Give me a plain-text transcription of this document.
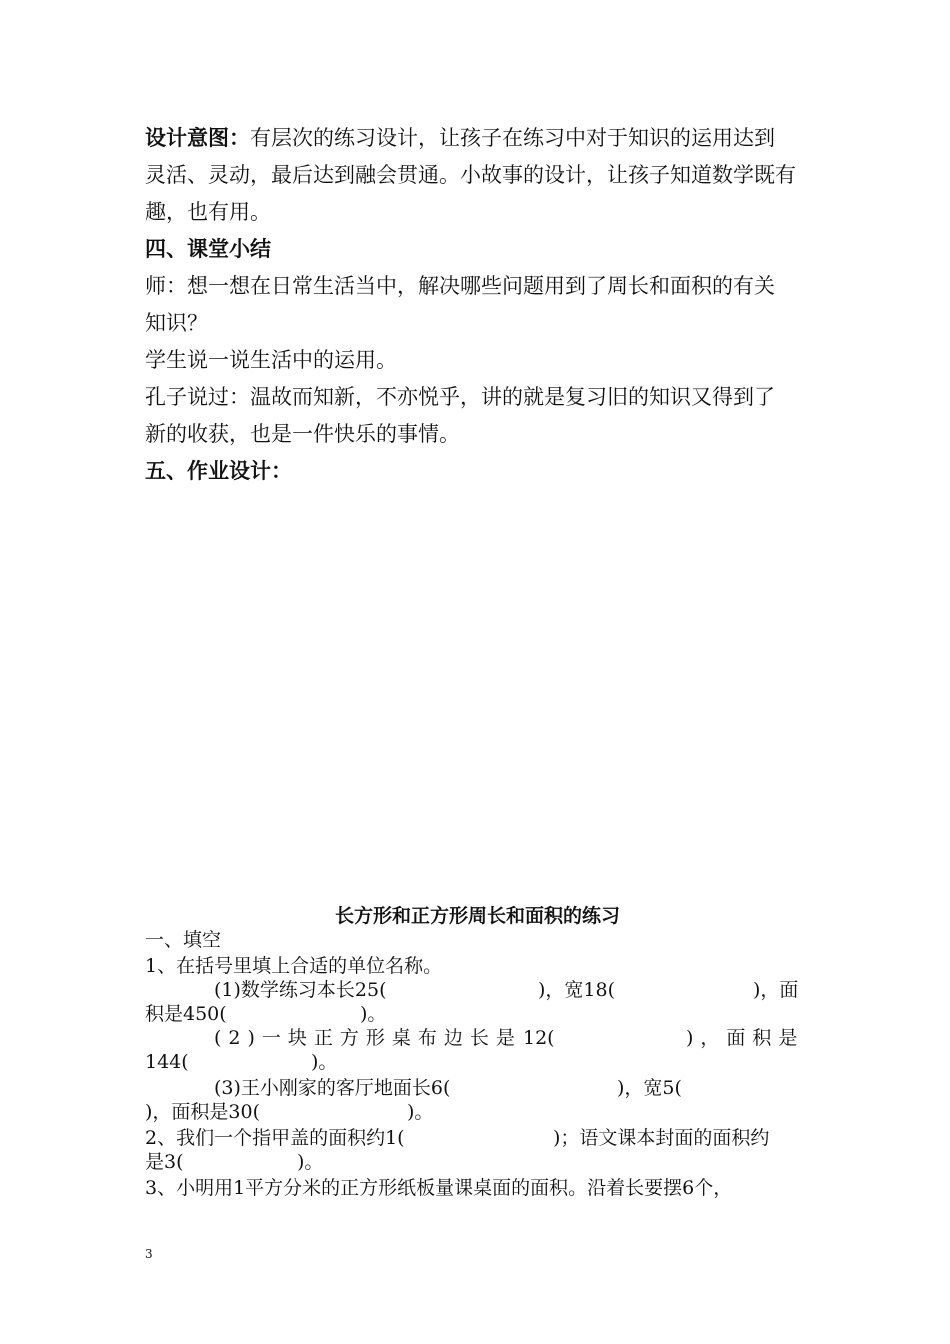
设计意图：有层次的练习设计，让孩子在练习中对于知识的运用达到
灵活、灵动，最后达到融会贯通。小故事的设计，让孩子知道数学既有
趣，也有用。
四、课堂小结
师：想一想在日常生活当中，解决哪些问题用到了周长和面积的有关
知识？
学生说一说生活中的运用。
孔子说过：温故而知新，不亦悦乎，讲的就是复习旧的知识又得到了
新的收获，也是一件快乐的事情。
五、作业设计：
长方形和正方形周长和面积的练习
一、填空
1、在括号里填上合适的单位名称。
(1)数学练习本长25(	)，宽18(	)，面
积是450(	)。
(2)一块正方形桌布边长是 12(	)，面积是
144(	)。
(3)王小刚家的客厅地面长6(	)，宽5(
)，面积是30(	)。
2、我们一个指甲盖的面积约1(	)；语文课本封面的面积约
是3(	)。
3、小明用1平方分米的正方形纸板量课桌面的面积。沿着长要摆6个，
3
